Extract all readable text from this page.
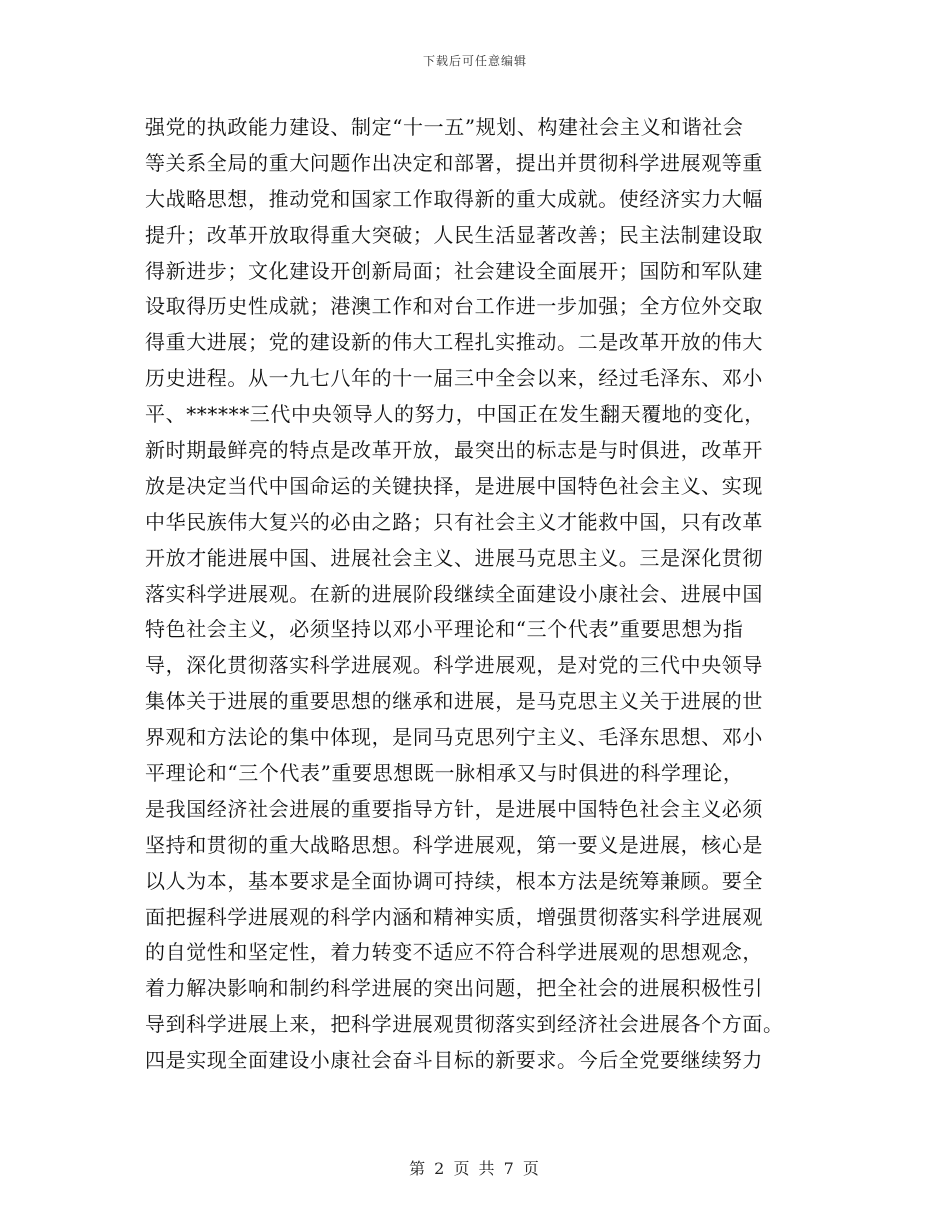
下载后可任意编辑
强党的执政能力建设、制定“十一五”规划、构建社会主义和谐社会
等关系全局的重大问题作出决定和部署，提出并贯彻科学进展观等重
大战略思想，推动党和国家工作取得新的重大成就。使经济实力大幅
提升；改革开放取得重大突破；人民生活显著改善；民主法制建设取
得新进步；文化建设开创新局面；社会建设全面展开；国防和军队建
设取得历史性成就；港澳工作和对台工作进一步加强；全方位外交取
得重大进展；党的建设新的伟大工程扎实推动。二是改革开放的伟大
历史进程。从一九七八年的十一届三中全会以来，经过毛泽东、邓小
平、******三代中央领导人的努力，中国正在发生翻天覆地的变化，
新时期最鲜亮的特点是改革开放，最突出的标志是与时俱进，改革开
放是决定当代中国命运的关键抉择，是进展中国特色社会主义、实现
中华民族伟大复兴的必由之路；只有社会主义才能救中国，只有改革
开放才能进展中国、进展社会主义、进展马克思主义。三是深化贯彻
落实科学进展观。在新的进展阶段继续全面建设小康社会、进展中国
特色社会主义，必须坚持以邓小平理论和“三个代表”重要思想为指
导，深化贯彻落实科学进展观。科学进展观，是对党的三代中央领导
集体关于进展的重要思想的继承和进展，是马克思主义关于进展的世
界观和方法论的集中体现，是同马克思列宁主义、毛泽东思想、邓小
平理论和“三个代表”重要思想既一脉相承又与时俱进的科学理论，
是我国经济社会进展的重要指导方针，是进展中国特色社会主义必须
坚持和贯彻的重大战略思想。科学进展观，第一要义是进展，核心是
以人为本，基本要求是全面协调可持续，根本方法是统筹兼顾。要全
面把握科学进展观的科学内涵和精神实质，增强贯彻落实科学进展观
的自觉性和坚定性，着力转变不适应不符合科学进展观的思想观念，
着力解决影响和制约科学进展的突出问题，把全社会的进展积极性引
导到科学进展上来，把科学进展观贯彻落实到经济社会进展各个方面。
四是实现全面建设小康社会奋斗目标的新要求。今后全党要继续努力
第 2 页 共 7 页
